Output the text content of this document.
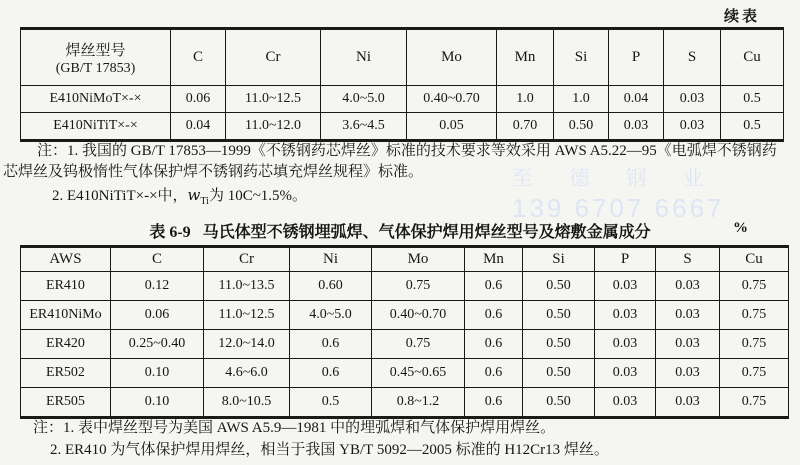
至 德 钢 业
139 6707 6667
续表
焊丝型号
(GB/T 17853)	C	Cr	Ni	Mo	Mn	Si	P	S	Cu
E410NiMoT×-×	0.06	11.0~12.5	4.0~5.0	0.40~0.70	1.0	1.0	0.04	0.03	0.5
E410NiTiT×-×	0.04	11.0~12.0	3.6~4.5	0.05	0.70	0.50	0.03	0.03	0.5
注：1. 我国的 GB/T 17853—1999《不锈钢药芯焊丝》标准的技术要求等效采用 AWS A5.22—95《电弧焊不锈钢药
芯焊丝及钨极惰性气体保护焊不锈钢药芯填充焊丝规程》标准。
2. E410NiTiT×-×中，$w_{Ti}$为 10C~1.5%。
表 6-9 马氏体型不锈钢埋弧焊、气体保护焊用焊丝型号及熔敷金属成分	%
AWS	C	Cr	Ni	Mo	Mn	Si	P	S	Cu
ER410	0.12	11.0~13.5	0.60	0.75	0.6	0.50	0.03	0.03	0.75
ER410NiMo	0.06	11.0~12.5	4.0~5.0	0.40~0.70	0.6	0.50	0.03	0.03	0.75
ER420	0.25~0.40	12.0~14.0	0.6	0.75	0.6	0.50	0.03	0.03	0.75
ER502	0.10	4.6~6.0	0.6	0.45~0.65	0.6	0.50	0.03	0.03	0.75
ER505	0.10	8.0~10.5	0.5	0.8~1.2	0.6	0.50	0.03	0.03	0.75
注：1. 表中焊丝型号为美国 AWS A5.9—1981 中的埋弧焊和气体保护焊用焊丝。
2. ER410 为气体保护焊用焊丝，相当于我国 YB/T 5092—2005 标准的 H12Cr13 焊丝。
